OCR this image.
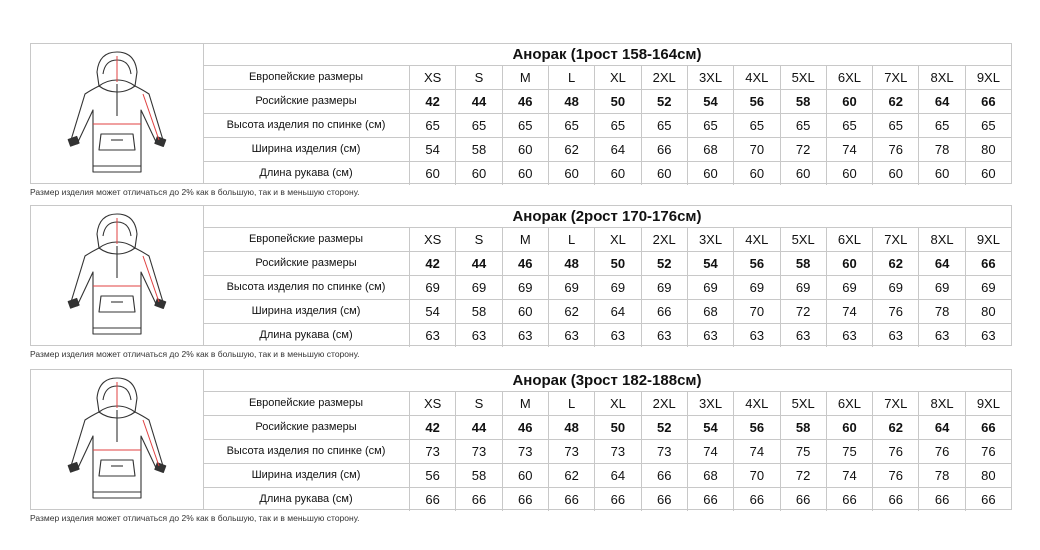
Анорак (1рост 158-164см)
Европейские размеры	XS	S	M	L	XL	2XL	3XL	4XL	5XL	6XL	7XL	8XL	9XL
Росийские размеры	42	44	46	48	50	52	54	56	58	60	62	64	66
Высота изделия по спинке (см)	65	65	65	65	65	65	65	65	65	65	65	65	65
Ширина изделия (см)	54	58	60	62	64	66	68	70	72	74	76	78	80
Длина рукава (см)	60	60	60	60	60	60	60	60	60	60	60	60	60
Размер изделия может отличаться до 2% как в большую, так и в меньшую сторону.
Анорак (2рост 170-176см)
Европейские размеры	XS	S	M	L	XL	2XL	3XL	4XL	5XL	6XL	7XL	8XL	9XL
Росийские размеры	42	44	46	48	50	52	54	56	58	60	62	64	66
Высота изделия по спинке (см)	69	69	69	69	69	69	69	69	69	69	69	69	69
Ширина изделия (см)	54	58	60	62	64	66	68	70	72	74	76	78	80
Длина рукава (см)	63	63	63	63	63	63	63	63	63	63	63	63	63
Размер изделия может отличаться до 2% как в большую, так и в меньшую сторону.
Анорак (3рост 182-188см)
Европейские размеры	XS	S	M	L	XL	2XL	3XL	4XL	5XL	6XL	7XL	8XL	9XL
Росийские размеры	42	44	46	48	50	52	54	56	58	60	62	64	66
Высота изделия по спинке (см)	73	73	73	73	73	73	74	74	75	75	76	76	76
Ширина изделия (см)	56	58	60	62	64	66	68	70	72	74	76	78	80
Длина рукава (см)	66	66	66	66	66	66	66	66	66	66	66	66	66
Размер изделия может отличаться до 2% как в большую, так и в меньшую сторону.
